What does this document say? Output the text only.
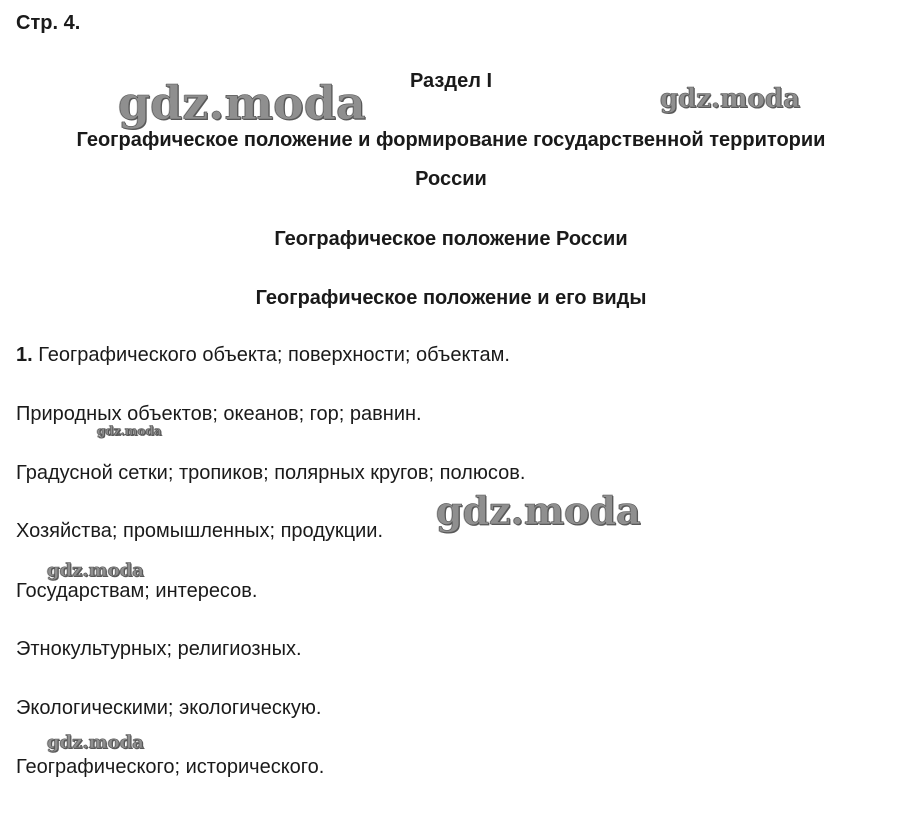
Стр. 4.
Раздел I
Географическое положение и формирование государственной территории
России
Географическое положение России
Географическое положение и его виды
1. Географического объекта; поверхности; объектам.
Природных объектов; океанов; гор; равнин.
Градусной сетки; тропиков; полярных кругов; полюсов.
Хозяйства; промышленных; продукции.
Государствам; интересов.
Этнокультурных; религиозных.
Экологическими; экологическую.
Географического; исторического.
gdz.moda	gdz.moda
gdz.moda
gdz.moda
gdz.moda
gdz.moda
